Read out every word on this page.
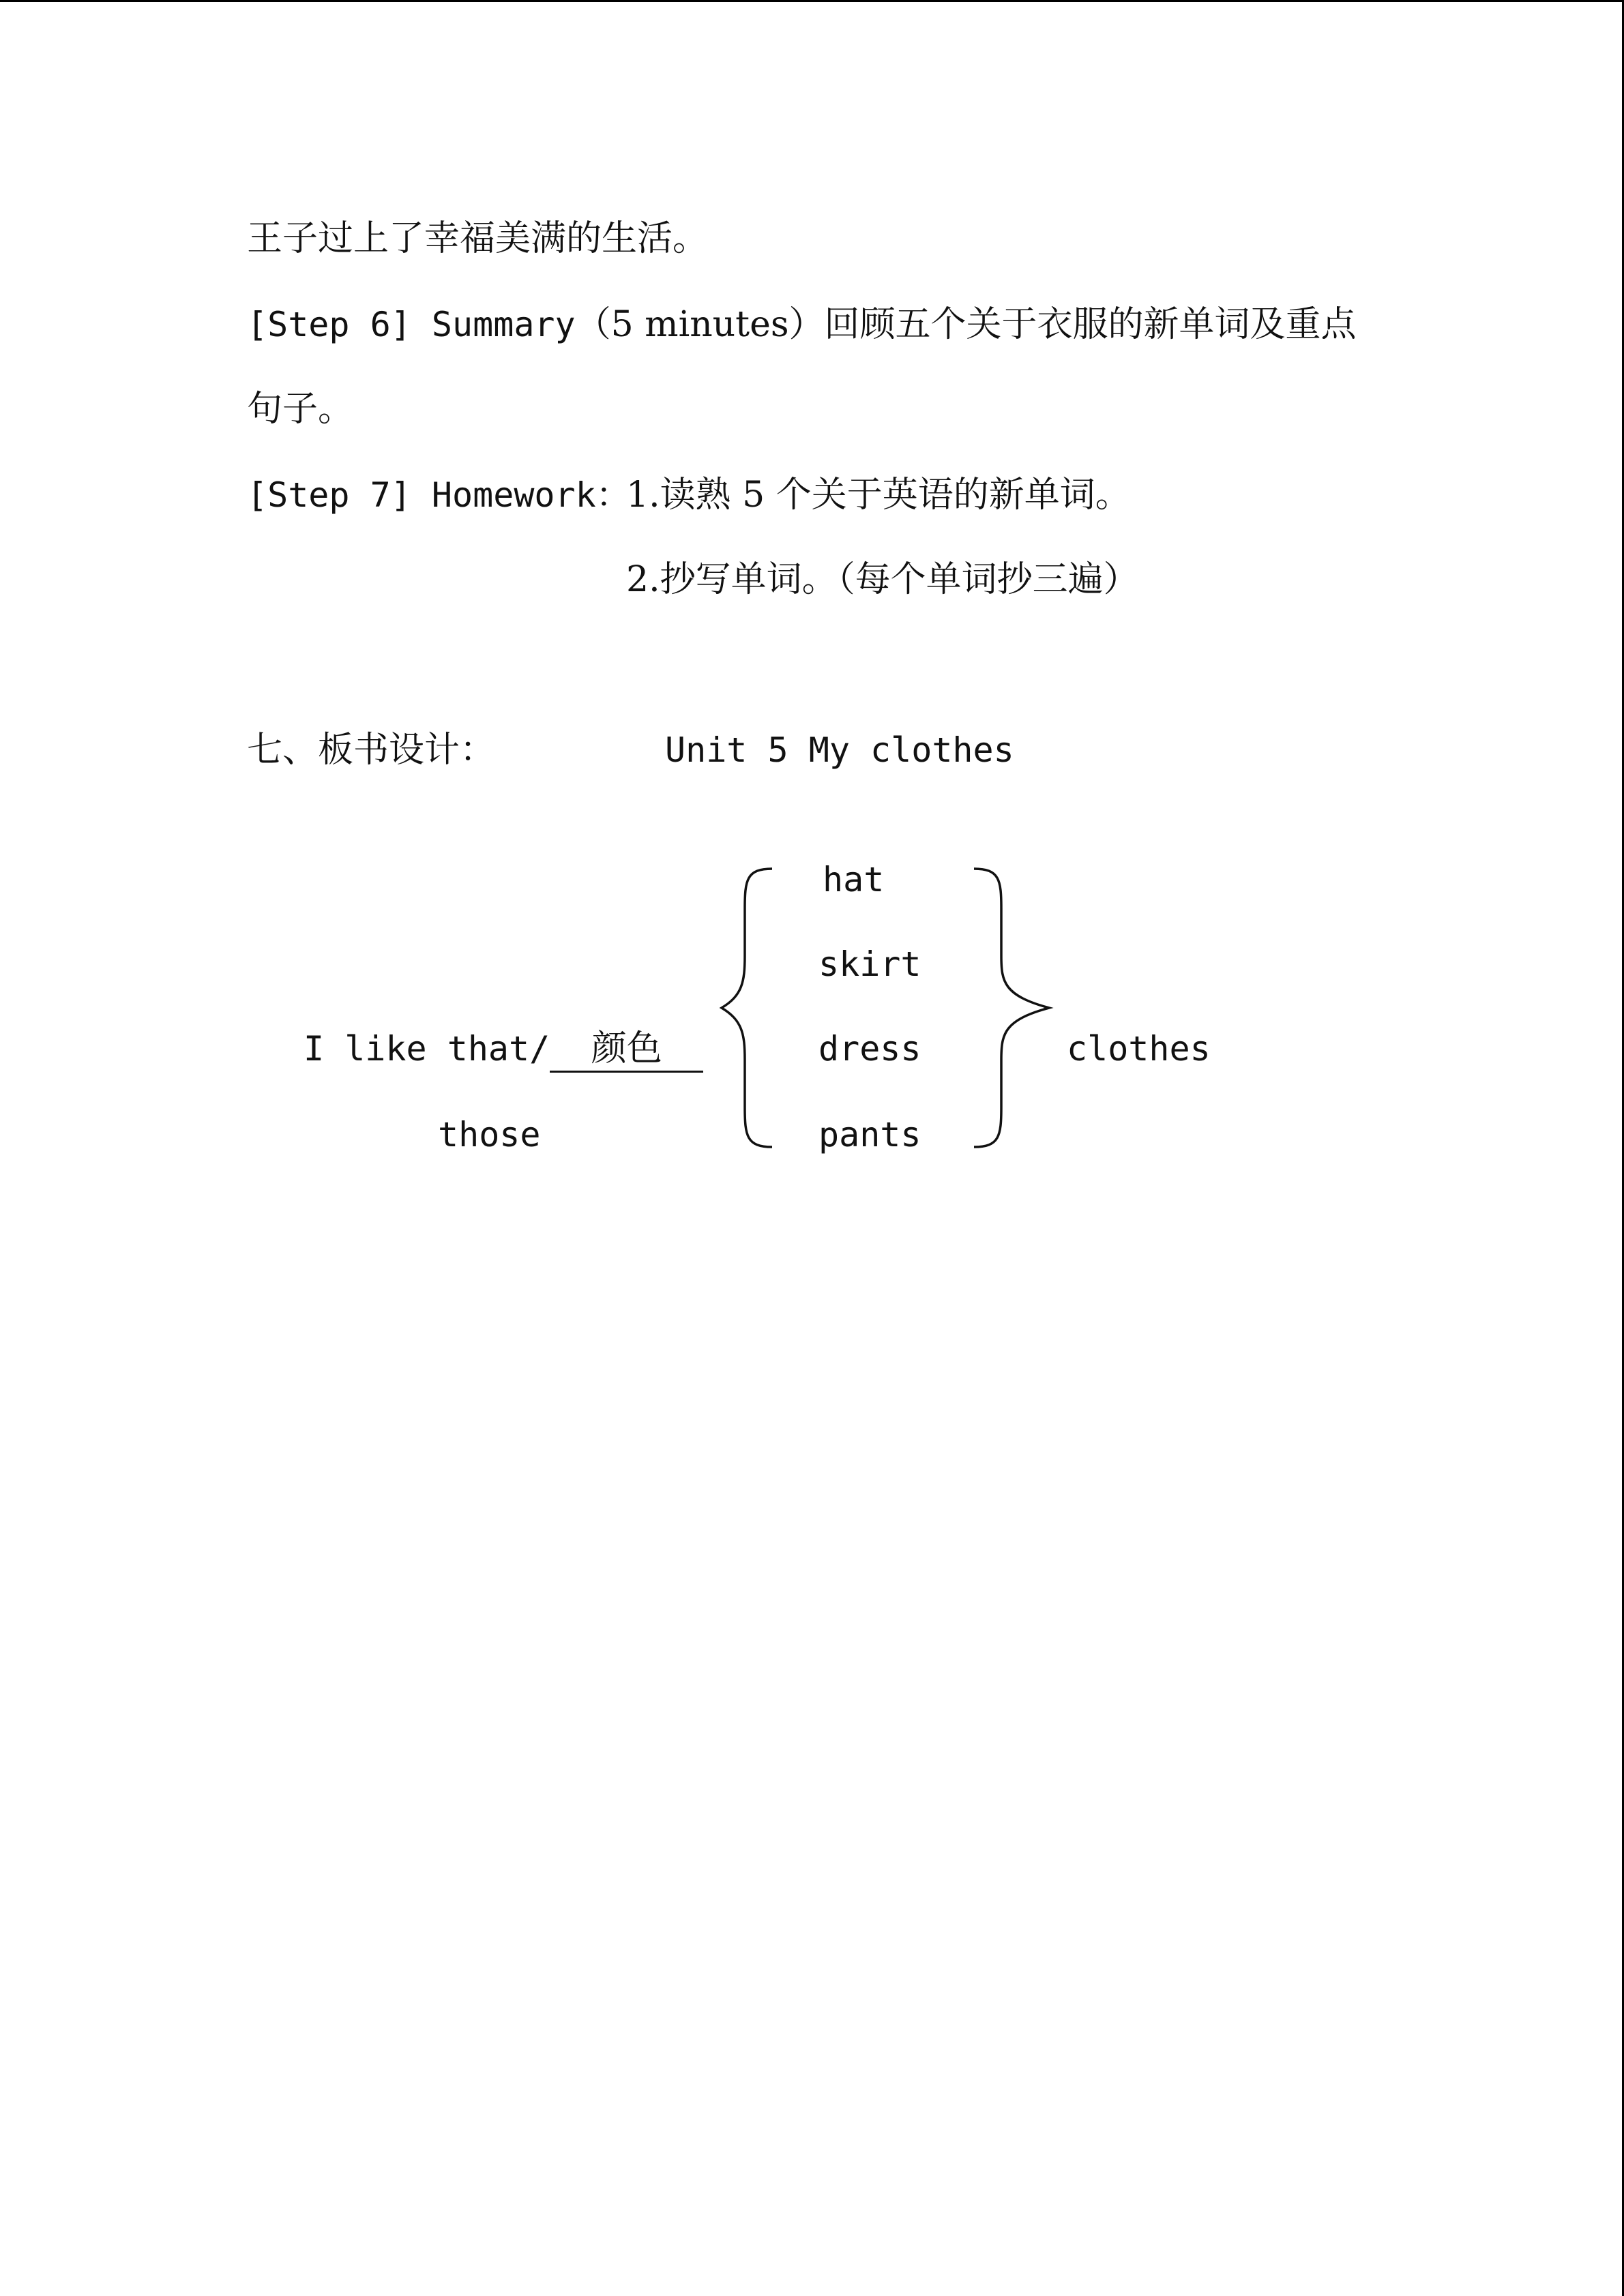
王子过上了幸福美满的生活。
[Step 6] Summary（5 minutes）回顾五个关于衣服的新单词及重点
句子。
[Step 7] Homework：
1.读熟 5 个关于英语的新单词。
2.抄写单词。（每个单词抄三遍）
七、板书设计：	Unit 5 My clothes
I like that/ 颜色
those
hat
skirt
dress
pants
clothes
